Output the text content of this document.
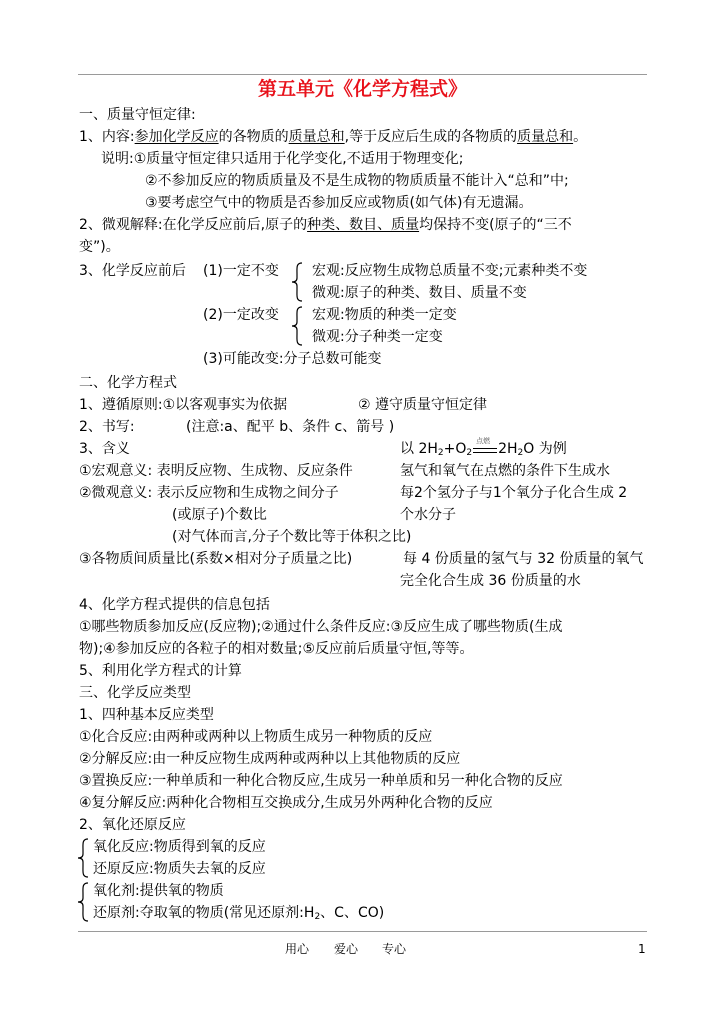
第五单元《化学方程式》
一、质量守恒定律:
1、内容:参加化学反应的各物质的质量总和,等于反应后生成的各物质的质量总和。
说明:①质量守恒定律只适用于化学变化,不适用于物理变化;
②不参加反应的物质质量及不是生成物的物质质量不能计入“总和”中;
③要考虑空气中的物质是否参加反应或物质(如气体)有无遗漏。
2、微观解释:在化学反应前后,原子的种类、数目、质量均保持不变(原子的“三不
变”)。
3、化学反应前后 (1)一定不变 宏观:反应物生成物总质量不变;元素种类不变
微观:原子的种类、数目、质量不变
(2)一定改变 宏观:物质的种类一定变
微观:分子种类一定变
(3)可能改变:分子总数可能变
二、化学方程式
1、遵循原则:①以客观事实为依据	② 遵守质量守恒定律
2、书写:	(注意:a、配平 b、条件 c、箭号 )
3、含义	以 $2H_2+O_2$
点燃 $2H_2O$ 为例
①宏观意义: 表明反应物、生成物、反应条件	氢气和氧气在点燃的条件下生成水
②微观意义: 表示反应物和生成物之间分子	每2个氢分子与1个氧分子化合生成 2
(或原子)个数比	个水分子
(对气体而言,分子个数比等于体积之比)
③各物质间质量比(系数×相对分子质量之比)	每 4 份质量的氢气与 32 份质量的氧气
完全化合生成 36 份质量的水
4、化学方程式提供的信息包括
①哪些物质参加反应(反应物);②通过什么条件反应:③反应生成了哪些物质(生成
物);④参加反应的各粒子的相对数量;⑤反应前后质量守恒,等等。
5、利用化学方程式的计算
三、化学反应类型
1、四种基本反应类型
①化合反应:由两种或两种以上物质生成另一种物质的反应
②分解反应:由一种反应物生成两种或两种以上其他物质的反应
③置换反应:一种单质和一种化合物反应,生成另一种单质和另一种化合物的反应
④复分解反应:两种化合物相互交换成分,生成另外两种化合物的反应
2、氧化还原反应
氧化反应:物质得到氧的反应
还原反应:物质失去氧的反应
氧化剂:提供氧的物质
还原剂:夺取氧的物质(常见还原剂$:H_2$、C、CO)
用心 爱心 专心	1
